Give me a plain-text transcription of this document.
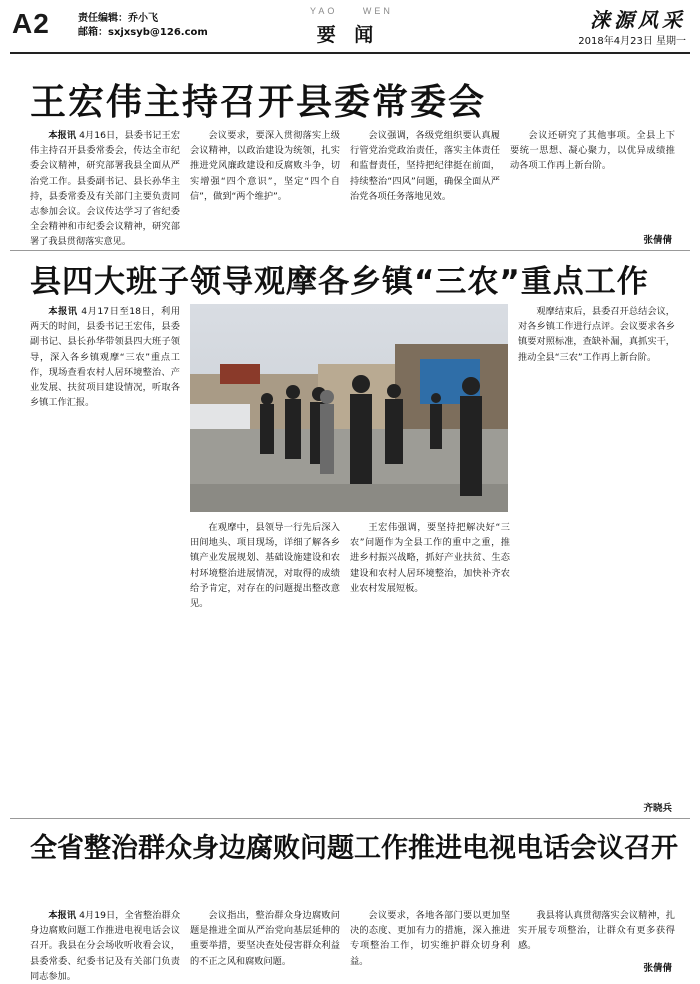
A2	责任编辑：乔小飞
邮箱：sxjxsyb@126.com
YAO	WEN
要 闻
涞源风采
2018年4月23日 星期一
王宏伟主持召开县委常委会

本报讯 4月16日，县委书记王宏伟主持召开县委常委会，传达全市纪委会议精神，研究部署我县全面从严治党工作。县委副书记、县长孙华主持，县委常委及有关部门主要负责同志参加会议。会议传达学习了省纪委全会精神和市纪委会议精神，研究部署了我县贯彻落实意见。

会议要求，要深入贯彻落实上级会议精神，以政治建设为统领，扎实推进党风廉政建设和反腐败斗争，切实增强“四个意识”，坚定“四个自信”，做到“两个维护”。

会议强调，各级党组织要认真履行管党治党政治责任，落实主体责任和监督责任，坚持把纪律挺在前面，持续整治“四风”问题，确保全面从严治党各项任务落地见效。

会议还研究了其他事项。全县上下要统一思想、凝心聚力，以优异成绩推动各项工作再上新台阶。

张倩倩
县四大班子领导观摩各乡镇“三农”重点工作

本报讯 4月17日至18日，利用两天的时间，县委书记王宏伟，县委副书记、县长孙华带领县四大班子领导，深入各乡镇观摩“三农”重点工作，现场查看农村人居环境整治、产业发展、扶贫项目建设情况，听取各乡镇工作汇报。

在观摩中，县领导一行先后深入田间地头、项目现场，详细了解各乡镇产业发展规划、基础设施建设和农村环境整治进展情况，对取得的成绩给予肯定，对存在的问题提出整改意见。

王宏伟强调，要坚持把解决好“三农”问题作为全县工作的重中之重，推进乡村振兴战略，抓好产业扶贫、生态建设和农村人居环境整治，加快补齐农业农村发展短板。

观摩结束后，县委召开总结会议，对各乡镇工作进行点评。会议要求各乡镇要对照标准，查缺补漏，真抓实干，推动全县“三农”工作再上新台阶。

齐晓兵
全省整治群众身边腐败问题工作推进电视电话会议召开

本报讯 4月19日，全省整治群众身边腐败问题工作推进电视电话会议召开。我县在分会场收听收看会议，县委常委、纪委书记及有关部门负责同志参加。

会议指出，整治群众身边腐败问题是推进全面从严治党向基层延伸的重要举措，要坚决查处侵害群众利益的不正之风和腐败问题。

会议要求，各地各部门要以更加坚决的态度、更加有力的措施，深入推进专项整治工作，切实维护群众切身利益。

我县将认真贯彻落实会议精神，扎实开展专项整治，让群众有更多获得感。

张倩倩
